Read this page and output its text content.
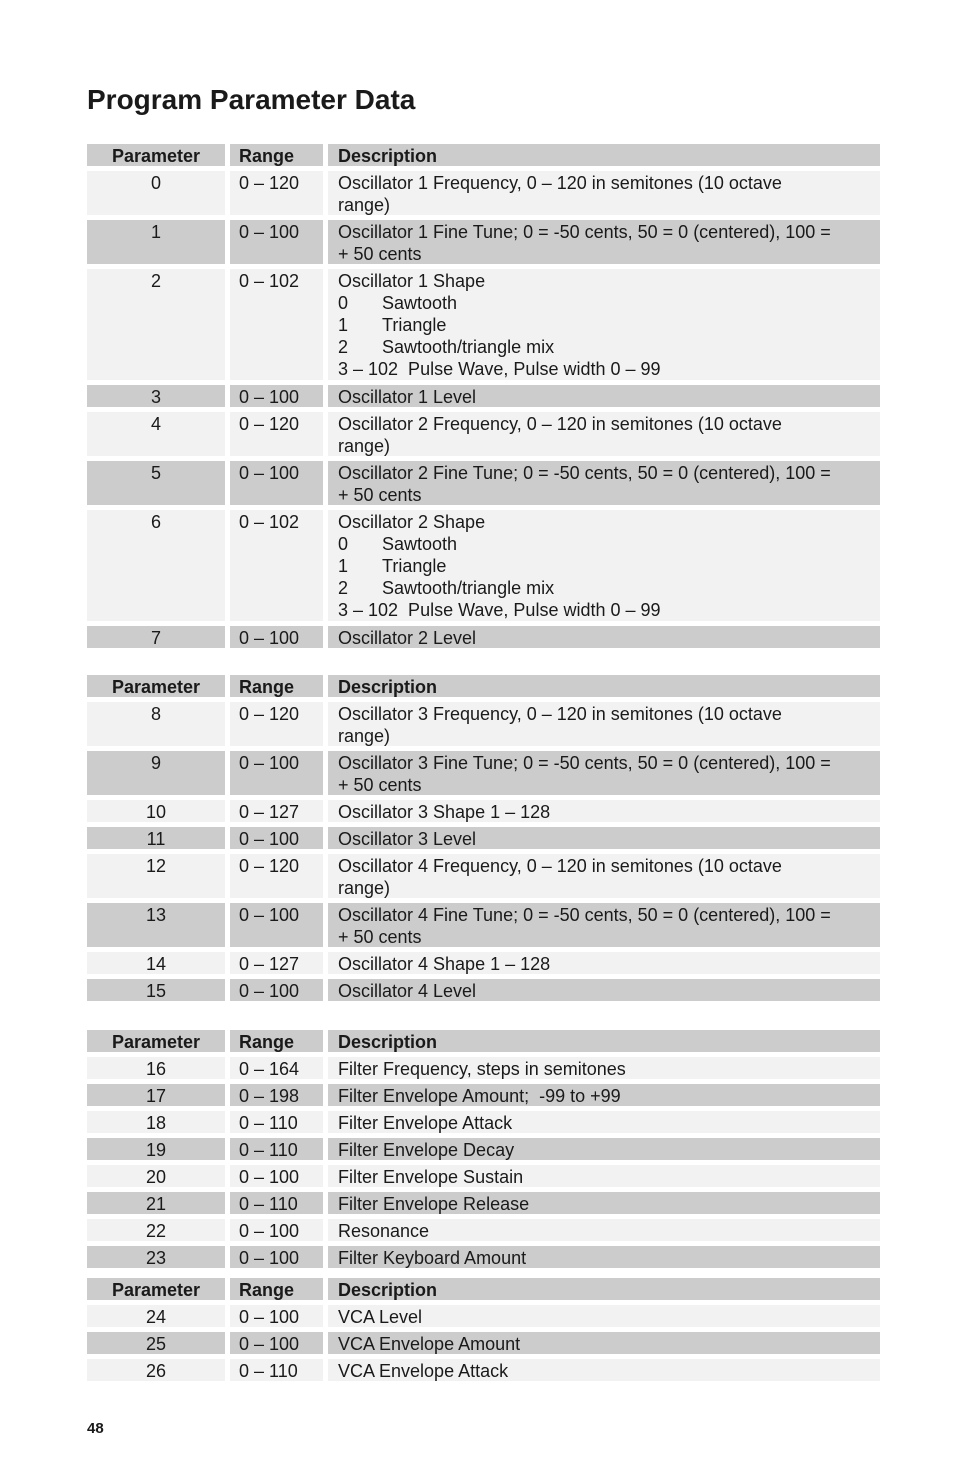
Program Parameter Data
Parameter	Range	Description
0	0 – 120	Oscillator 1 Frequency, 0 – 120 in semitones (10 octave
range)
1	0 – 100	Oscillator 1 Fine Tune; 0 = -50 cents, 50 = 0 (centered), 100 =
+ 50 cents
2	0 – 102	Oscillator 1 Shape
0 Sawtooth
1 Triangle
2 Sawtooth/triangle mix
3 – 102  Pulse Wave, Pulse width 0 – 99
3	0 – 100	Oscillator 1 Level
4	0 – 120	Oscillator 2 Frequency, 0 – 120 in semitones (10 octave
range)
5	0 – 100	Oscillator 2 Fine Tune; 0 = -50 cents, 50 = 0 (centered), 100 =
+ 50 cents
6	0 – 102	Oscillator 2 Shape
0 Sawtooth
1 Triangle
2 Sawtooth/triangle mix
3 – 102  Pulse Wave, Pulse width 0 – 99
7	0 – 100	Oscillator 2 Level
Parameter	Range	Description
8	0 – 120	Oscillator 3 Frequency, 0 – 120 in semitones (10 octave
range)
9	0 – 100	Oscillator 3 Fine Tune; 0 = -50 cents, 50 = 0 (centered), 100 =
+ 50 cents
10	0 – 127	Oscillator 3 Shape 1 – 128
11	0 – 100	Oscillator 3 Level
12	0 – 120	Oscillator 4 Frequency, 0 – 120 in semitones (10 octave
range)
13	0 – 100	Oscillator 4 Fine Tune; 0 = -50 cents, 50 = 0 (centered), 100 =
+ 50 cents
14	0 – 127	Oscillator 4 Shape 1 – 128
15	0 – 100	Oscillator 4 Level
Parameter	Range	Description
16	0 – 164	Filter Frequency, steps in semitones
17	0 – 198	Filter Envelope Amount;  -99 to +99
18	0 – 110	Filter Envelope Attack
19	0 – 110	Filter Envelope Decay
20	0 – 100	Filter Envelope Sustain
21	0 – 110	Filter Envelope Release
22	0 – 100	Resonance
23	0 – 100	Filter Keyboard Amount
Parameter	Range	Description
24	0 – 100	VCA Level
25	0 – 100	VCA Envelope Amount
26	0 – 110	VCA Envelope Attack
48
